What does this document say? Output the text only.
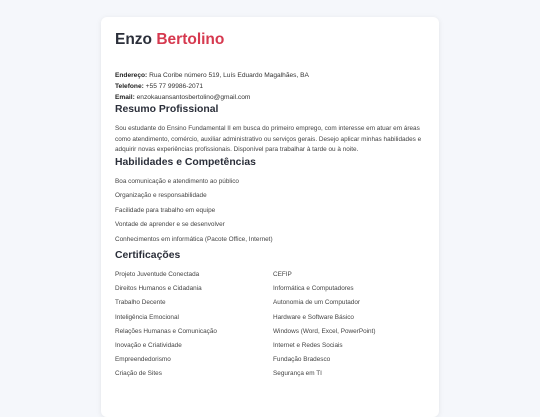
Enzo Bertolino
Endereço: Rua Coribe número 519, Luís Eduardo Magalhães, BA
Telefone: +55 77 99986-2071
Email: enzokauansantosbertolino@gmail.com
Resumo Profissional
Sou estudante do Ensino Fundamental II em busca do primeiro emprego, com interesse em atuar em áreas como atendimento, comércio, auxiliar administrativo ou serviços gerais. Desejo aplicar minhas habilidades e adquirir novas experiências profissionais. Disponível para trabalhar à tarde ou à noite.
Habilidades e Competências
Boa comunicação e atendimento ao público
Organização e responsabilidade
Facilidade para trabalho em equipe
Vontade de aprender e se desenvolver
Conhecimentos em informática (Pacote Office, Internet)
Certificações
Projeto Juventude Conectada	CEFIP
Direitos Humanos e Cidadania	Informática e Computadores
Trabalho Decente	Autonomia de um Computador
Inteligência Emocional	Hardware e Software Básico
Relações Humanas e Comunicação	Windows (Word, Excel, PowerPoint)
Inovação e Criatividade	Internet e Redes Sociais
Empreendedorismo	Fundação Bradesco
Criação de Sites	Segurança em TI
